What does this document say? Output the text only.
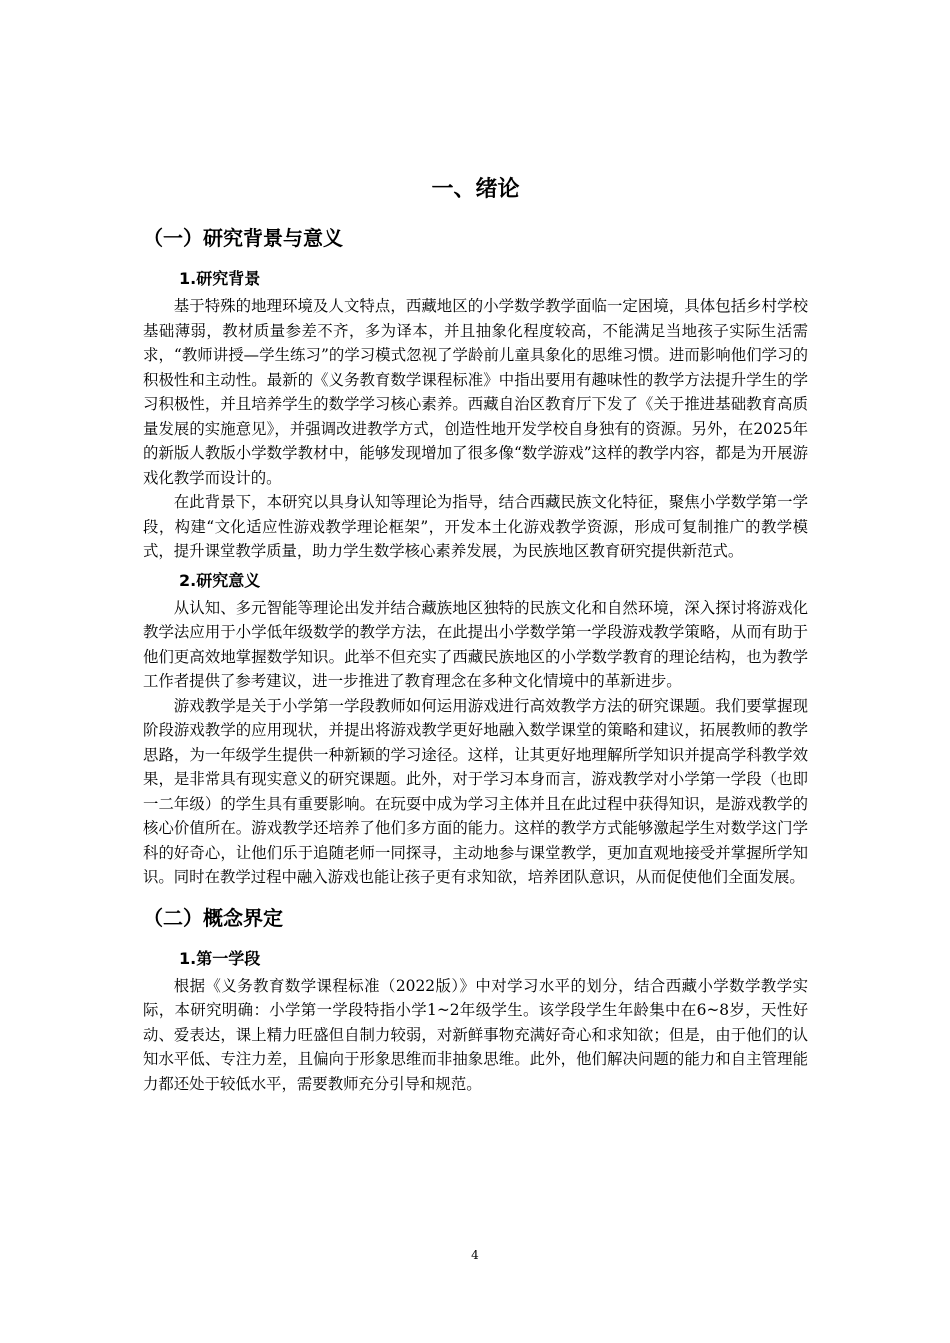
一、绪论
（一）研究背景与意义
1.研究背景

基于特殊的地理环境及人文特点，西藏地区的小学数学教学面临一定困境，具体包括乡村学校基础薄弱，教材质量参差不齐，多为译本，并且抽象化程度较高，不能满足当地孩子实际生活需求，“教师讲授—学生练习”的学习模式忽视了学龄前儿童具象化的思维习惯。进而影响他们学习的积极性和主动性。最新的《义务教育数学课程标准》中指出要用有趣味性的教学方法提升学生的学习积极性，并且培养学生的数学学习核心素养。西藏自治区教育厅下发了《关于推进基础教育高质量发展的实施意见》，并强调改进教学方式，创造性地开发学校自身独有的资源。另外，在2025年的新版人教版小学数学教材中，能够发现增加了很多像“数学游戏”这样的教学内容，都是为开展游戏化教学而设计的。

在此背景下，本研究以具身认知等理论为指导，结合西藏民族文化特征，聚焦小学数学第一学段，构建“文化适应性游戏教学理论框架”，开发本土化游戏教学资源，形成可复制推广的教学模式，提升课堂教学质量，助力学生数学核心素养发展，为民族地区教育研究提供新范式。

2.研究意义

从认知、多元智能等理论出发并结合藏族地区独特的民族文化和自然环境，深入探讨将游戏化教学法应用于小学低年级数学的教学方法，在此提出小学数学第一学段游戏教学策略，从而有助于他们更高效地掌握数学知识。此举不但充实了西藏民族地区的小学数学教育的理论结构，也为教学工作者提供了参考建议，进一步推进了教育理念在多种文化情境中的革新进步。

游戏教学是关于小学第一学段教师如何运用游戏进行高效教学方法的研究课题。我们要掌握现阶段游戏教学的应用现状，并提出将游戏教学更好地融入数学课堂的策略和建议，拓展教师的教学思路，为一年级学生提供一种新颖的学习途径。这样，让其更好地理解所学知识并提高学科教学效果，是非常具有现实意义的研究课题。此外，对于学习本身而言，游戏教学对小学第一学段（也即一二年级）的学生具有重要影响。在玩耍中成为学习主体并且在此过程中获得知识，是游戏教学的核心价值所在。游戏教学还培养了他们多方面的能力。这样的教学方式能够激起学生对数学这门学科的好奇心，让他们乐于追随老师一同探寻，主动地参与课堂教学，更加直观地接受并掌握所学知识。同时在教学过程中融入游戏也能让孩子更有求知欲，培养团队意识，从而促使他们全面发展。

（二）概念界定
1.第一学段

根据《义务教育数学课程标准（2022版）》中对学习水平的划分，结合西藏小学数学教学实际，本研究明确：小学第一学段特指小学1~2年级学生。该学段学生年龄集中在6~8岁，天性好动、爱表达，课上精力旺盛但自制力较弱，对新鲜事物充满好奇心和求知欲；但是，由于他们的认知水平低、专注力差，且偏向于形象思维而非抽象思维。此外，他们解决问题的能力和自主管理能力都还处于较低水平，需要教师充分引导和规范。

4
